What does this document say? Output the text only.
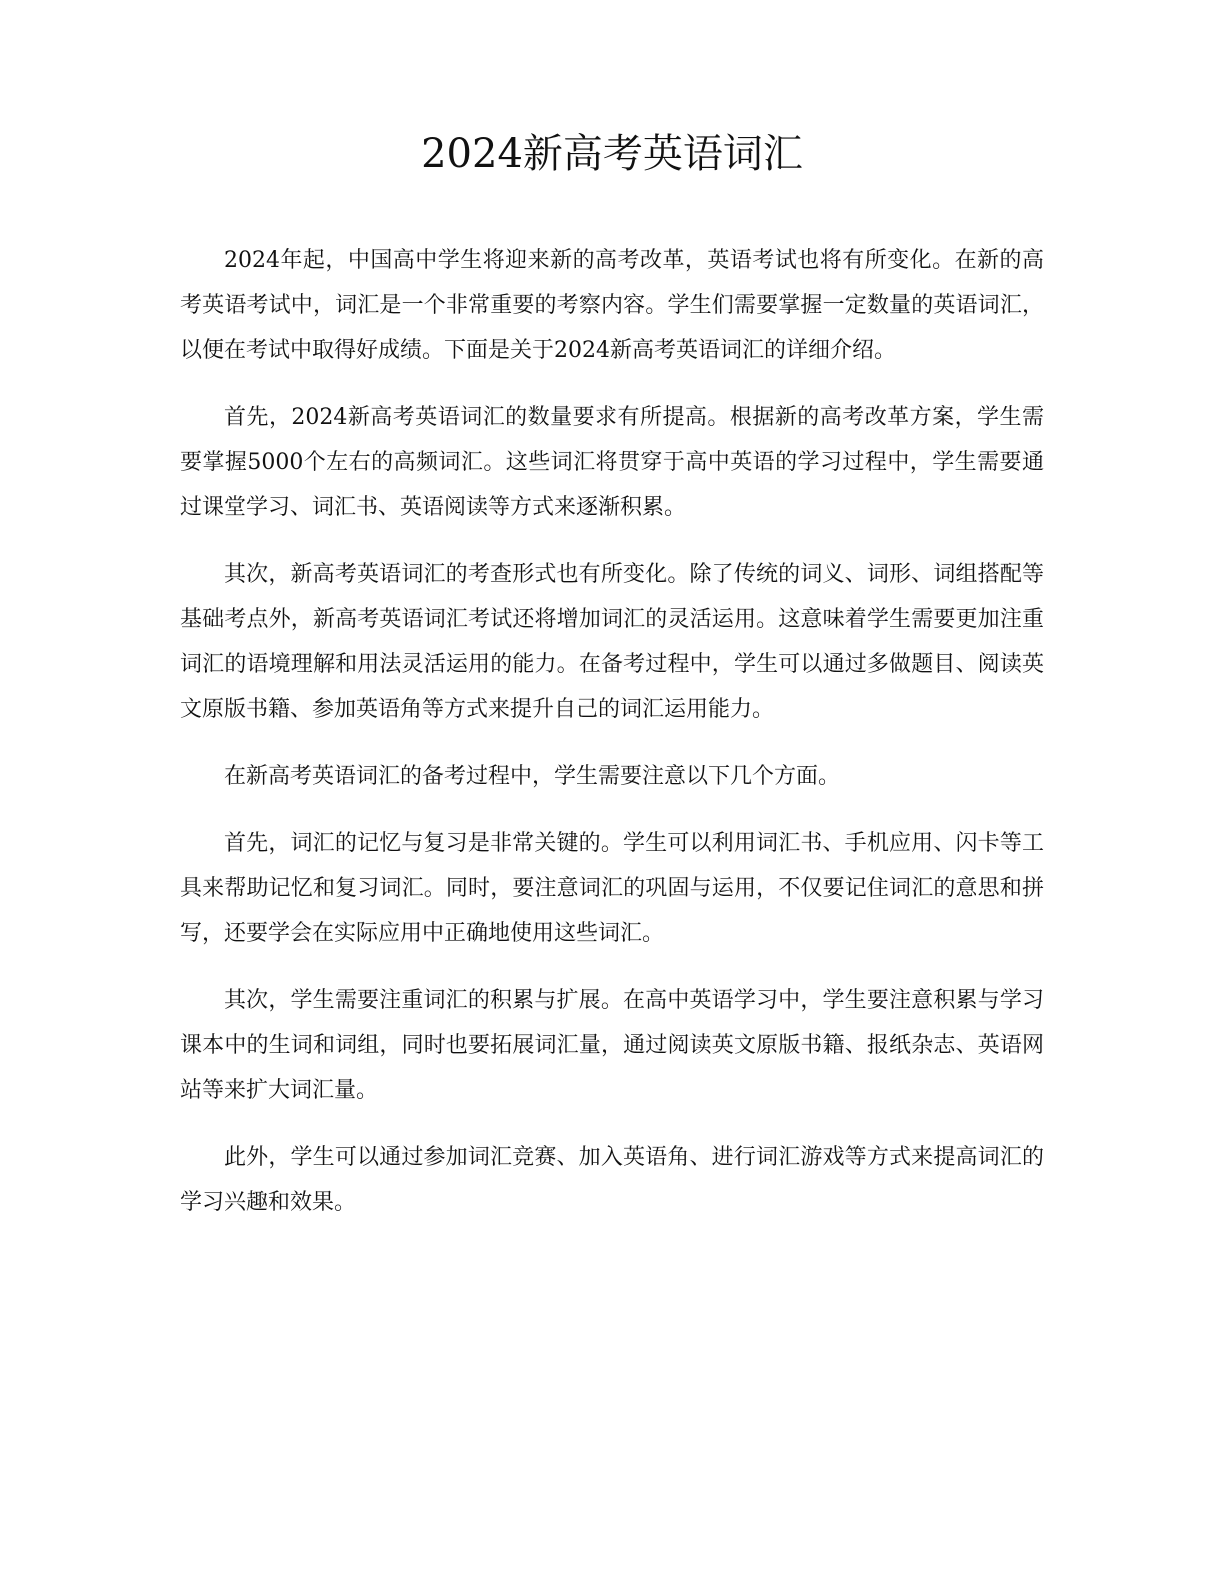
2024新高考英语词汇

2024年起，中国高中学生将迎来新的高考改革，英语考试也将有所变化。在新的高考英语考试中，词汇是一个非常重要的考察内容。学生们需要掌握一定数量的英语词汇，以便在考试中取得好成绩。下面是关于2024新高考英语词汇的详细介绍。

首先，2024新高考英语词汇的数量要求有所提高。根据新的高考改革方案，学生需要掌握5000个左右的高频词汇。这些词汇将贯穿于高中英语的学习过程中，学生需要通过课堂学习、词汇书、英语阅读等方式来逐渐积累。

其次，新高考英语词汇的考查形式也有所变化。除了传统的词义、词形、词组搭配等基础考点外，新高考英语词汇考试还将增加词汇的灵活运用。这意味着学生需要更加注重词汇的语境理解和用法灵活运用的能力。在备考过程中，学生可以通过多做题目、阅读英文原版书籍、参加英语角等方式来提升自己的词汇运用能力。

在新高考英语词汇的备考过程中，学生需要注意以下几个方面。

首先，词汇的记忆与复习是非常关键的。学生可以利用词汇书、手机应用、闪卡等工具来帮助记忆和复习词汇。同时，要注意词汇的巩固与运用，不仅要记住词汇的意思和拼写，还要学会在实际应用中正确地使用这些词汇。

其次，学生需要注重词汇的积累与扩展。在高中英语学习中，学生要注意积累与学习课本中的生词和词组，同时也要拓展词汇量，通过阅读英文原版书籍、报纸杂志、英语网站等来扩大词汇量。

此外，学生可以通过参加词汇竞赛、加入英语角、进行词汇游戏等方式来提高词汇的学习兴趣和效果。
